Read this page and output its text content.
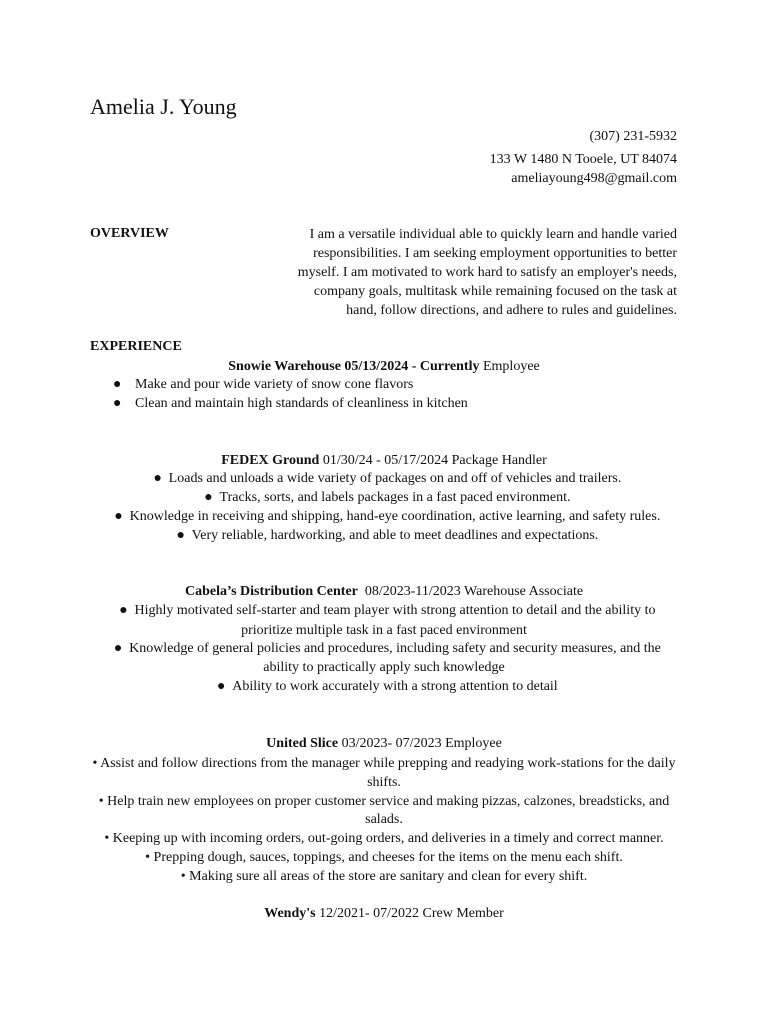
Amelia J. Young
(307) 231-5932
133 W 1480 N Tooele, UT 84074
ameliayoung498@gmail.com
OVERVIEW	I am a versatile individual able to quickly learn and handle varied
responsibilities. I am seeking employment opportunities to better
myself. I am motivated to work hard to satisfy an employer's needs,
company goals, multitask while remaining focused on the task at
hand, follow directions, and adhere to rules and guidelines.
EXPERIENCE
Snowie Warehouse 05/13/2024 - Currently Employee
● Make and pour wide variety of snow cone flavors
● Clean and maintain high standards of cleanliness in kitchen
FEDEX Ground 01/30/24 - 05/17/2024 Package Handler
● Loads and unloads a wide variety of packages on and off of vehicles and trailers.
● Tracks, sorts, and labels packages in a fast paced environment.
● Knowledge in receiving and shipping, hand-eye coordination, active learning, and safety rules.
● Very reliable, hardworking, and able to meet deadlines and expectations.
Cabela’s Distribution Center  08/2023-11/2023 Warehouse Associate
● Highly motivated self-starter and team player with strong attention to detail and the ability to
prioritize multiple task in a fast paced environment
● Knowledge of general policies and procedures, including safety and security measures, and the
ability to practically apply such knowledge
● Ability to work accurately with a strong attention to detail
United Slice 03/2023- 07/2023 Employee
• Assist and follow directions from the manager while prepping and readying work-stations for the daily
shifts.
• Help train new employees on proper customer service and making pizzas, calzones, breadsticks, and
salads.
• Keeping up with incoming orders, out-going orders, and deliveries in a timely and correct manner.
• Prepping dough, sauces, toppings, and cheeses for the items on the menu each shift.
• Making sure all areas of the store are sanitary and clean for every shift.
Wendy's 12/2021- 07/2022 Crew Member
